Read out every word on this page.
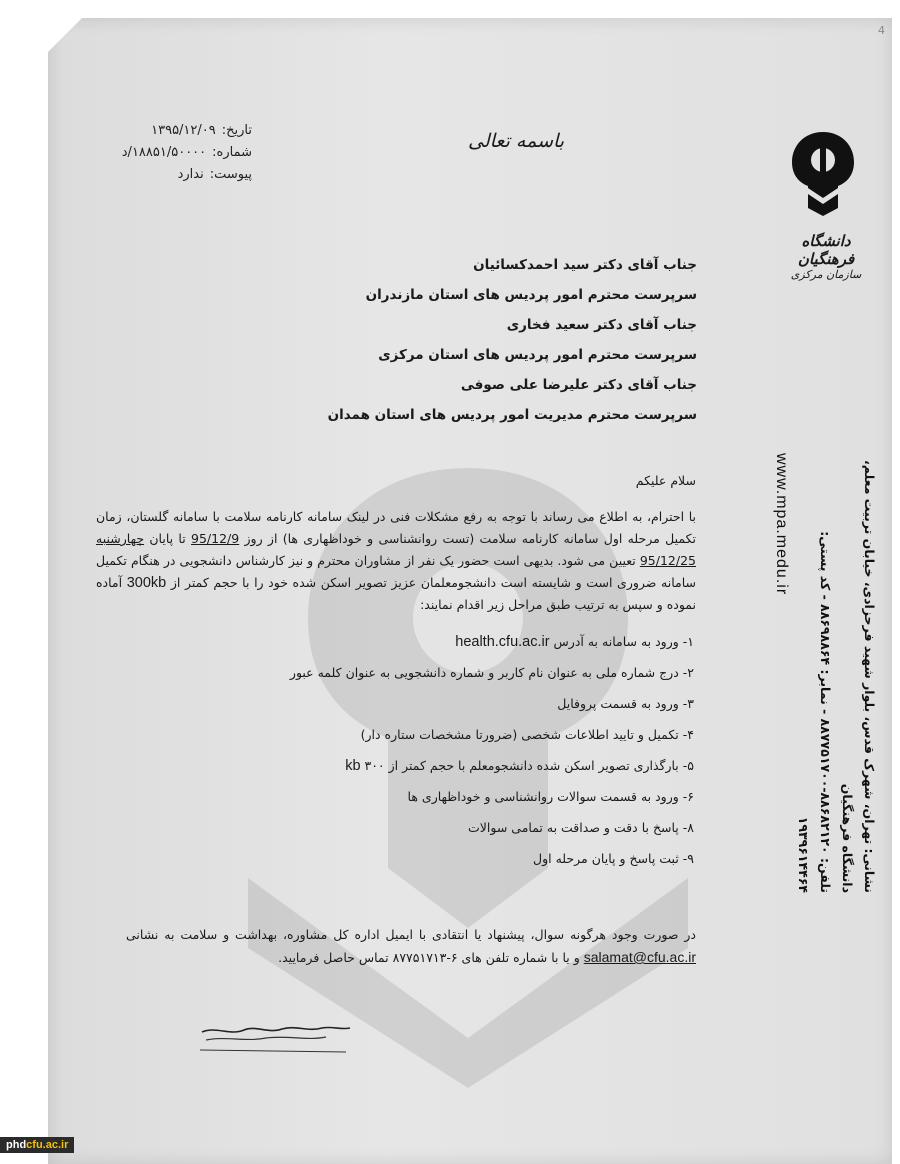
باسمه تعالی
تاریخ:
۱۳۹۵/۱۲/۰۹
شماره:
۱۸۸۵۱/۵۰۰۰۰/د
پیوست:
ندارد
دانشگاه فرهنگیان
سازمان مرکزی
جناب آقای دکتر سید احمدکسائیان
سرپرست محترم امور پردیس های استان مازندران
جناب آقای دکتر سعید فخاری
سرپرست محترم امور پردیس های استان مرکزی
جناب آقای دکتر علیرضا علی صوفی
سرپرست محترم مدیریت امور پردیس های استان همدان

سلام علیکم

با احترام، به اطلاع می رساند با توجه به رفع مشکلات فنی در لینک سامانه کارنامه سلامت با سامانه گلستان، زمان تکمیل مرحله اول سامانه کارنامه سلامت (تست روانشناسی و خوداظهاری ها) از روز 95/12/9 تا پایان چهارشنبه 95/12/25 تعیین می شود. بدیهی است حضور یک نفر از مشاوران محترم و نیز کارشناس دانشجویی در هنگام تکمیل سامانه ضروری است و شایسته است دانشجومعلمان عزیز تصویر اسکن شده خود را با حجم کمتر از 300kb آماده نموده و سپس به ترتیب طبق مراحل زیر اقدام نمایند:

۱- ورود به سامانه به آدرس health.cfu.ac.ir
۲- درج شماره ملی به عنوان نام کاربر و شماره دانشجویی به عنوان کلمه عبور
۳- ورود به قسمت پروفایل
۴- تکمیل و تایید اطلاعات شخصی (ضرورتا مشخصات ستاره دار)
۵- بارگذاری تصویر اسکن شده دانشجومعلم با حجم کمتر از ۳۰۰ kb
۶- ورود به قسمت سوالات روانشناسی و خوداظهاری ها
۸- پاسخ با دقت و صداقت به تمامی سوالات
۹- ثبت پاسخ و پایان مرحله اول
در صورت وجود هرگونه سوال، پیشنهاد یا انتقادی با ایمیل اداره کل مشاوره، بهداشت و سلامت به نشانی salamat@cfu.ac.ir و یا با شماره تلفن های ۶-۸۷۷۵۱۷۱۳ تماس حاصل فرمایید.
نشانی: تهران، شهرک قدس، بلوار شهید فرحزادی، خیابان تربیت معلم، دانشگاه فرهنگیان
تلفن: ۸۸۶۸۲۱۲۰-۸۸۷۷۵۱۷۰۰ - نمابر: ۸۸۶۹۸۸۶۴ - کد پستی: ۱۹۳۹۶۱۴۴۶۴
www.mpa.medu.ir
4
phdcfu.ac.ir
